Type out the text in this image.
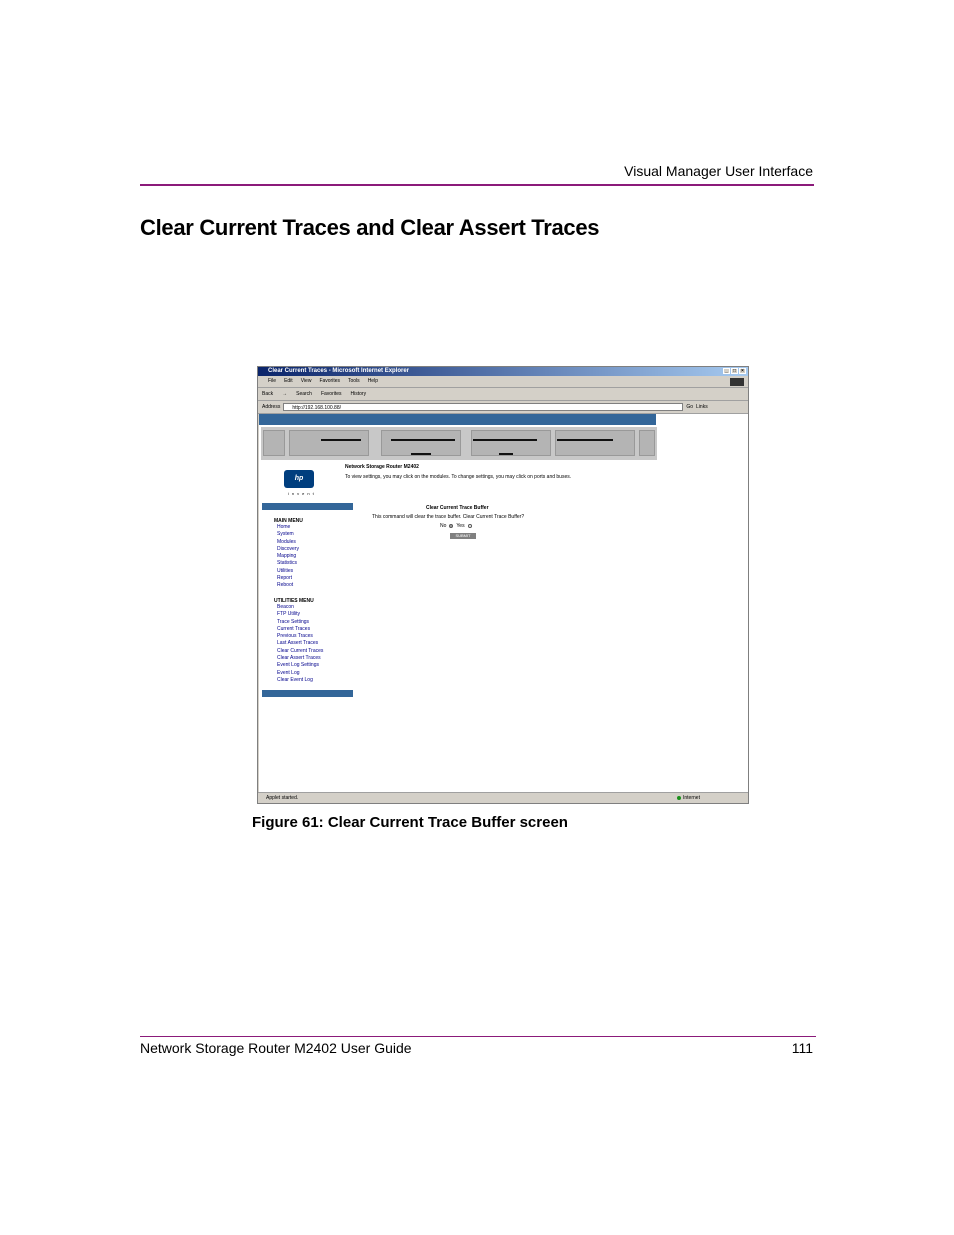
Visual Manager User Interface
Clear Current Traces and Clear Assert Traces
Clear Current Traces - Microsoft Internet Explorer	_	□	×
File Edit View Favorites Tools Help
Back → Search Favorites History
Address	http://192.168.100.88/	Go Links
hp
invent
MAIN MENU
Home
System
Modules
Discovery
Mapping
Statistics
Utilities
Report
Reboot
UTILITIES MENU
Beacon
FTP Utility
Trace Settings
Current Traces
Previous Traces
Last Assert Traces
Clear Current Traces
Clear Assert Traces
Event Log Settings
Event Log
Clear Event Log
Network Storage Router M2402
To view settings, you may click on the modules. To change settings, you may click on ports and buses.
Clear Current Trace Buffer
This command will clear the trace buffer. Clear Current Trace Buffer?
No Yes
SUBMIT
Applet started.	Internet
Figure 61: Clear Current Trace Buffer screen
Network Storage Router M2402 User Guide	111
